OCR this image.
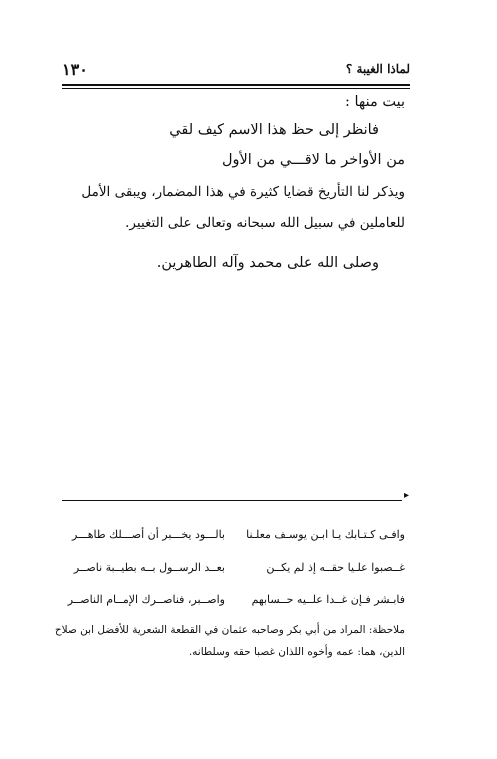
١٣٠	لماذا الغيبة ؟
بيت منها :
فانظر إلى حظ هذا الاسم كيف لقي
من الأواخر ما لاقـــي من الأول
ويذكر لنا التأريخ قضايا كثيرة في هذا المضمار، ويبقى الأمل
للعاملين في سبيل الله سبحانه وتعالى على التغيير.
وصلى الله على محمد وآله الطاهرين.
▸
وافـى كـتـابك يـا ابـن يوسـف معلـنا
بالـــود يخـــبر أن أصـــلك طاهـــر
غــصبوا علـيا حقــه إذ لم يكــن
بعــد الرســول بــه بطيــبة ناصــر
فابـشر فـإن غــدا علــيه حــسابهم
واصــبر، فناصــرك الإمــام الناصــر
ملاحظة: المراد من أبي بكر وصاحبه عثمان في القطعة الشعرية للأفضل ابن صلاح
الدين، هما: عمه وأخوه اللذان غصبا حقه وسلطانه.
